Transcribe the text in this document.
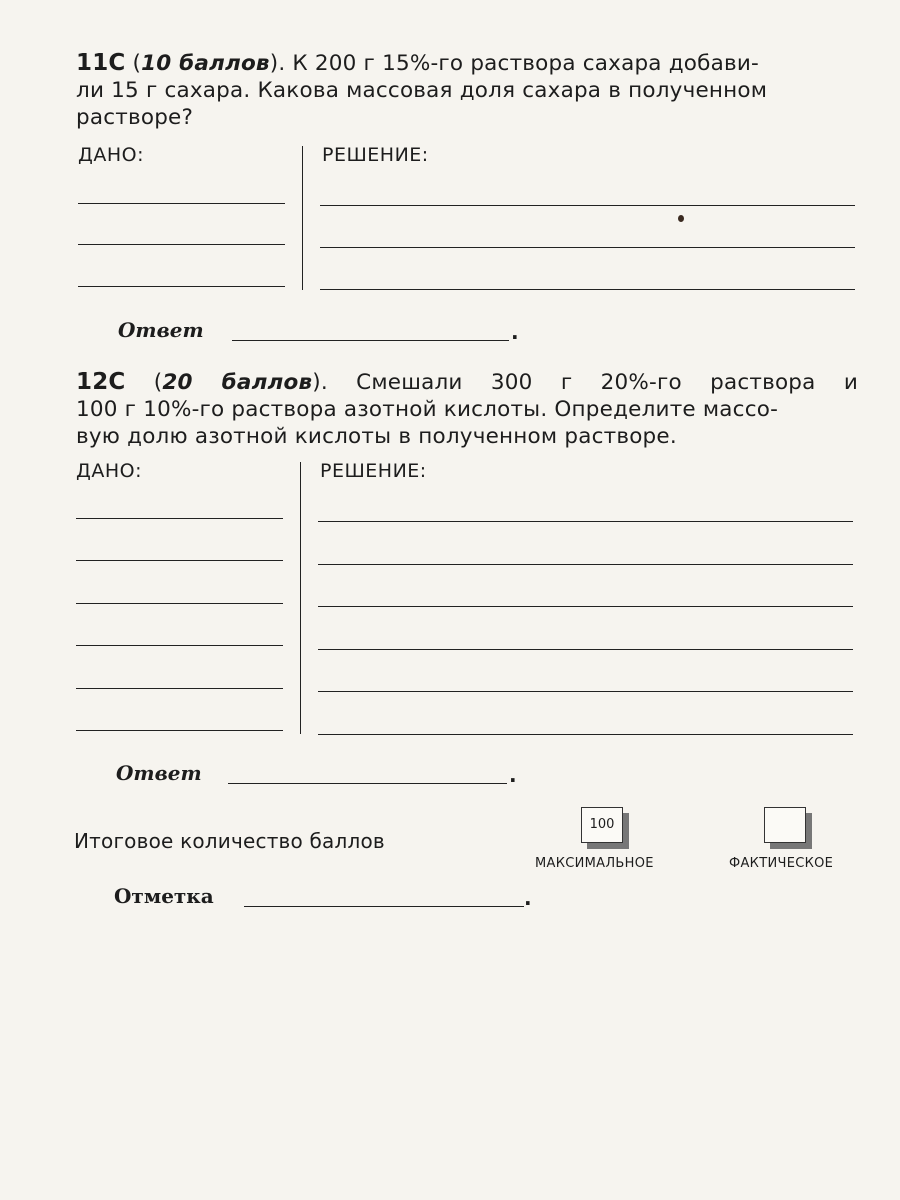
11С (10 баллов). К 200 г 15%-го раствора сахара добави-
ли 15 г сахара. Какова массовая доля сахара в полученном
растворе?
ДАНО:	РЕШЕНИЕ:
Ответ	.
12С (20 баллов). Смешали 300 г 20%-го раствора и
100 г 10%-го раствора азотной кислоты. Определите массо-
вую долю азотной кислоты в полученном растворе.
ДАНО:	РЕШЕНИЕ:
Ответ	.
Итоговое количество баллов
100
МАКСИМАЛЬНОЕ	ФАКТИЧЕСКОЕ
Отметка	.
